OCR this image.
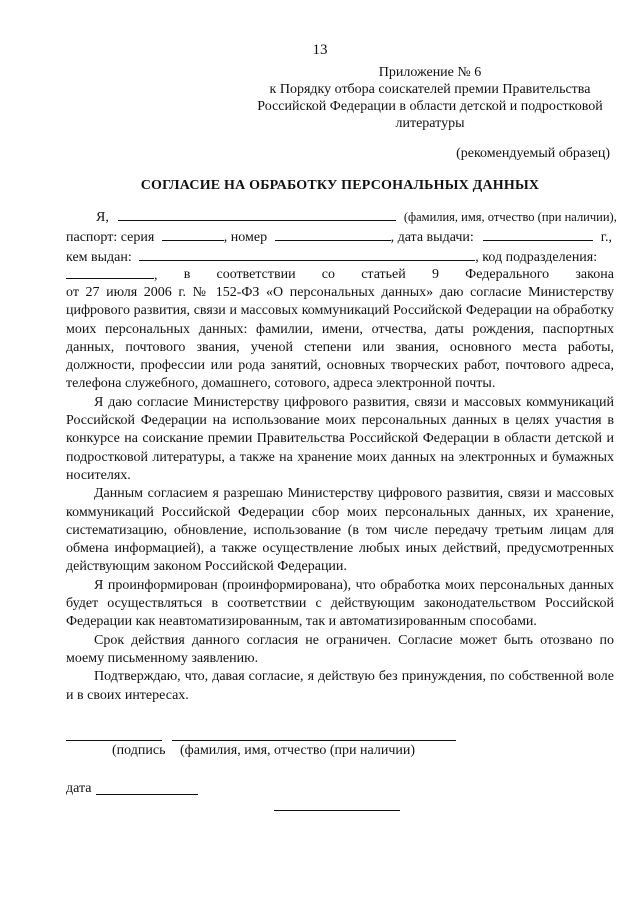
13
Приложение № 6
к Порядку отбора соискателей премии Правительства
Российской Федерации в области детской и подростковой
литературы
(рекомендуемый образец)
СОГЛАСИЕ НА ОБРАБОТКУ ПЕРСОНАЛЬНЫХ ДАННЫХ
Я,	(фамилия, имя, отчество (при наличии),
паспорт: серия	, номер	, дата выдачи:	г.,
кем выдан:	, код подразделения:
, в соответствии со статьей 9 Федерального закона

от 27 июля 2006 г. № 152-ФЗ «О персональных данных» даю согласие Министерству цифрового развития, связи и массовых коммуникаций Российской Федерации на обработку моих персональных данных: фамилии, имени, отчества, даты рождения, паспортных данных, почтового звания, ученой степени или звания, основного места работы, должности, профессии или рода занятий, основных творческих работ, почтового адреса, телефона служебного, домашнего, сотового, адреса электронной почты.

Я даю согласие Министерству цифрового развития, связи и массовых коммуникаций Российской Федерации на использование моих персональных данных в целях участия в конкурсе на соискание премии Правительства Российской Федерации в области детской и подростковой литературы, а также на хранение моих данных на электронных и бумажных носителях.

Данным согласием я разрешаю Министерству цифрового развития, связи и массовых коммуникаций Российской Федерации сбор моих персональных данных, их хранение, систематизацию, обновление, использование (в том числе передачу третьим лицам для обмена информацией), а также осуществление любых иных действий, предусмотренных действующим законом Российской Федерации.

Я проинформирован (проинформирована), что обработка моих персональных данных будет осуществляться в соответствии с действующим законодательством Российской Федерации как неавтоматизированным, так и автоматизированным способами.

Срок действия данного согласия не ограничен. Согласие может быть отозвано по моему письменному заявлению.

Подтверждаю, что, давая согласие, я действую без принуждения, по собственной воле и в своих интересах.

(подпись (фамилия, имя, отчество (при наличии)
дата
